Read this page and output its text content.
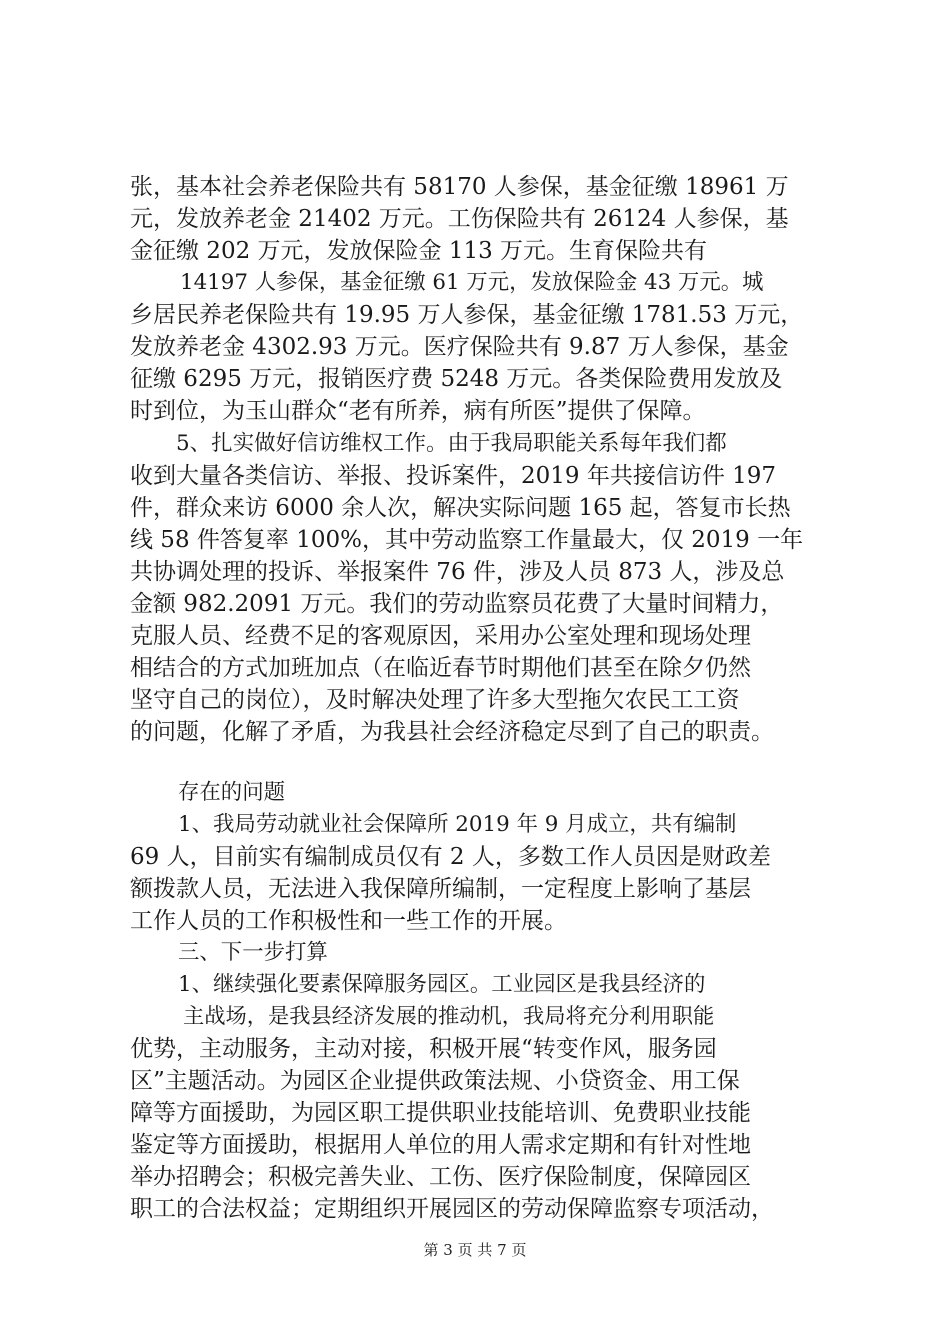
张，基本社会养老保险共有 58170 人参保，基金征缴 18961 万
元，发放养老金 21402 万元。工伤保险共有 26124 人参保，基
金征缴 202 万元，发放保险金 113 万元。生育保险共有
14197 人参保，基金征缴 61 万元，发放保险金 43 万元。城
乡居民养老保险共有 19.95 万人参保，基金征缴 1781.53 万元，
发放养老金 4302.93 万元。医疗保险共有 9.87 万人参保，基金
征缴 6295 万元，报销医疗费 5248 万元。各类保险费用发放及
时到位，为玉山群众“老有所养，病有所医”提供了保障。
5、扎实做好信访维权工作。由于我局职能关系每年我们都
收到大量各类信访、举报、投诉案件，2019 年共接信访件 197
件，群众来访 6000 余人次，解决实际问题 165 起，答复市长热
线 58 件答复率 100%，其中劳动监察工作量最大，仅 2019 一年
共协调处理的投诉、举报案件 76 件，涉及人员 873 人，涉及总
金额 982.2091 万元。我们的劳动监察员花费了大量时间精力，
克服人员、经费不足的客观原因，采用办公室处理和现场处理
相结合的方式加班加点（在临近春节时期他们甚至在除夕仍然
坚守自己的岗位），及时解决处理了许多大型拖欠农民工工资
的问题，化解了矛盾，为我县社会经济稳定尽到了自己的职责。
存在的问题
1、我局劳动就业社会保障所 2019 年 9 月成立，共有编制
69 人，目前实有编制成员仅有 2 人，多数工作人员因是财政差
额拨款人员，无法进入我保障所编制，一定程度上影响了基层
工作人员的工作积极性和一些工作的开展。
三、下一步打算
1、继续强化要素保障服务园区。工业园区是我县经济的
主战场，是我县经济发展的推动机，我局将充分利用职能
优势，主动服务，主动对接，积极开展“转变作风，服务园
区”主题活动。为园区企业提供政策法规、小贷资金、用工保
障等方面援助，为园区职工提供职业技能培训、免费职业技能
鉴定等方面援助，根据用人单位的用人需求定期和有针对性地
举办招聘会；积极完善失业、工伤、医疗保险制度，保障园区
职工的合法权益；定期组织开展园区的劳动保障监察专项活动，
第 3 页 共 7 页
